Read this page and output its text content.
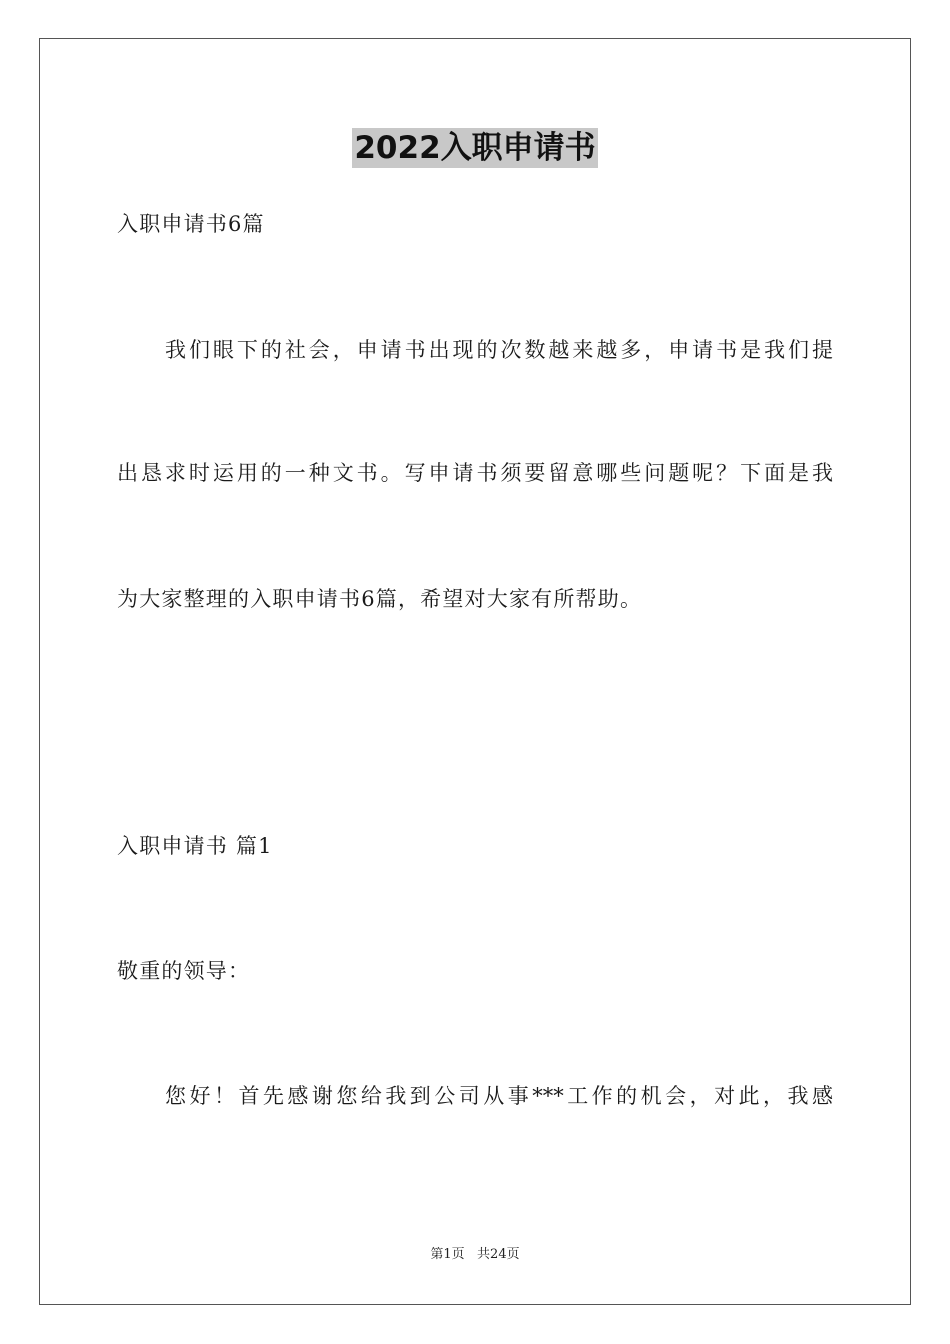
2022入职申请书
入职申请书6篇
我们眼下的社会，申请书出现的次数越来越多，申请书是我们提
出恳求时运用的一种文书。写申请书须要留意哪些问题呢？下面是我
为大家整理的入职申请书6篇，希望对大家有所帮助。
入职申请书 篇1
敬重的领导：
您好！首先感谢您给我到公司从事***工作的机会，对此，我感
第1页   共24页
